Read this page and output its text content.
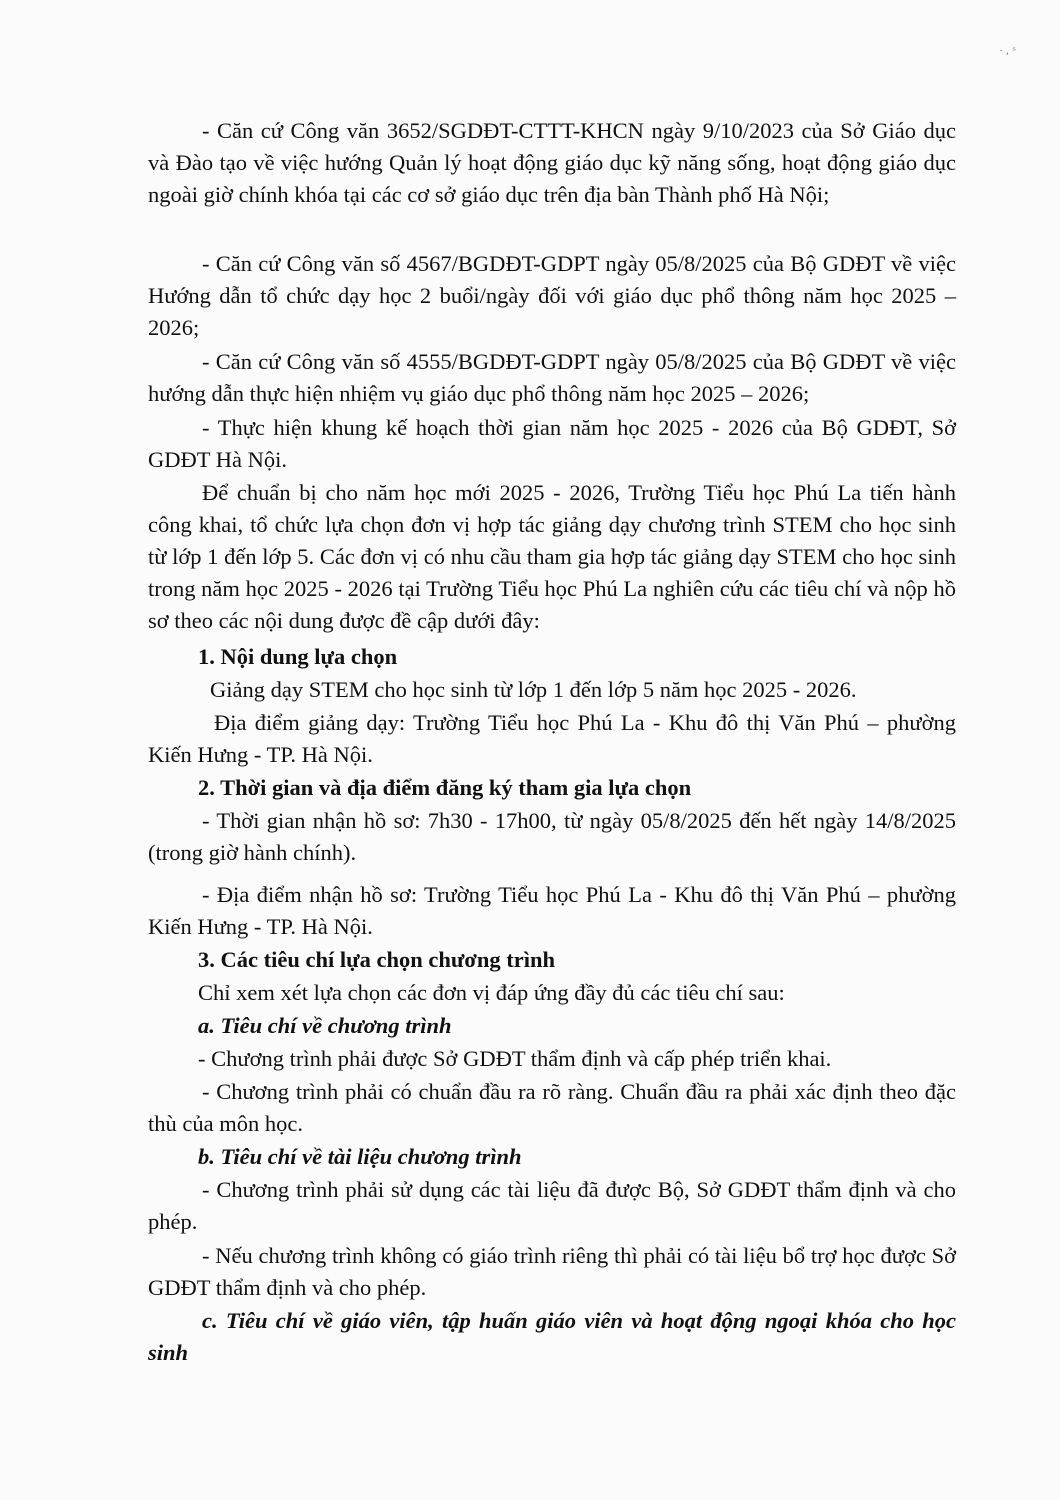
· , ˢ

- Căn cứ Công văn 3652/SGDĐT-CTTT-KHCN ngày 9/10/2023 của Sở Giáo dục và Đào tạo về việc hướng Quản lý hoạt động giáo dục kỹ năng sống, hoạt động giáo dục ngoài giờ chính khóa tại các cơ sở giáo dục trên địa bàn Thành phố Hà Nội;

- Căn cứ Công văn số 4567/BGDĐT-GDPT ngày 05/8/2025 của Bộ GDĐT về việc Hướng dẫn tổ chức dạy học 2 buổi/ngày đối với giáo dục phổ thông năm học 2025 – 2026;

- Căn cứ Công văn số 4555/BGDĐT-GDPT ngày 05/8/2025 của Bộ GDĐT về việc hướng dẫn thực hiện nhiệm vụ giáo dục phổ thông năm học 2025 – 2026;

- Thực hiện khung kế hoạch thời gian năm học 2025 - 2026 của Bộ GDĐT, Sở GDĐT Hà Nội.

Để chuẩn bị cho năm học mới 2025 - 2026, Trường Tiểu học Phú La tiến hành công khai, tổ chức lựa chọn đơn vị hợp tác giảng dạy chương trình STEM cho học sinh từ lớp 1 đến lớp 5. Các đơn vị có nhu cầu tham gia hợp tác giảng dạy STEM cho học sinh trong năm học 2025 - 2026 tại Trường Tiểu học Phú La nghiên cứu các tiêu chí và nộp hồ sơ theo các nội dung được đề cập dưới đây:

1. Nội dung lựa chọn
Giảng dạy STEM cho học sinh từ lớp 1 đến lớp 5 năm học 2025 - 2026.

Địa điểm giảng dạy: Trường Tiểu học Phú La - Khu đô thị Văn Phú – phường Kiến Hưng - TP. Hà Nội.

2. Thời gian và địa điểm đăng ký tham gia lựa chọn

- Thời gian nhận hồ sơ: 7h30 - 17h00, từ ngày 05/8/2025 đến hết ngày 14/8/2025 (trong giờ hành chính).

- Địa điểm nhận hồ sơ: Trường Tiểu học Phú La - Khu đô thị Văn Phú – phường Kiến Hưng - TP. Hà Nội.

3. Các tiêu chí lựa chọn chương trình
Chỉ xem xét lựa chọn các đơn vị đáp ứng đầy đủ các tiêu chí sau:
a. Tiêu chí về chương trình
- Chương trình phải được Sở GDĐT thẩm định và cấp phép triển khai.

- Chương trình phải có chuẩn đầu ra rõ ràng. Chuẩn đầu ra phải xác định theo đặc thù của môn học.

b. Tiêu chí về tài liệu chương trình

- Chương trình phải sử dụng các tài liệu đã được Bộ, Sở GDĐT thẩm định và cho phép.

- Nếu chương trình không có giáo trình riêng thì phải có tài liệu bổ trợ học được Sở GDĐT thẩm định và cho phép.

c. Tiêu chí về giáo viên, tập huấn giáo viên và hoạt động ngoại khóa cho học sinh
